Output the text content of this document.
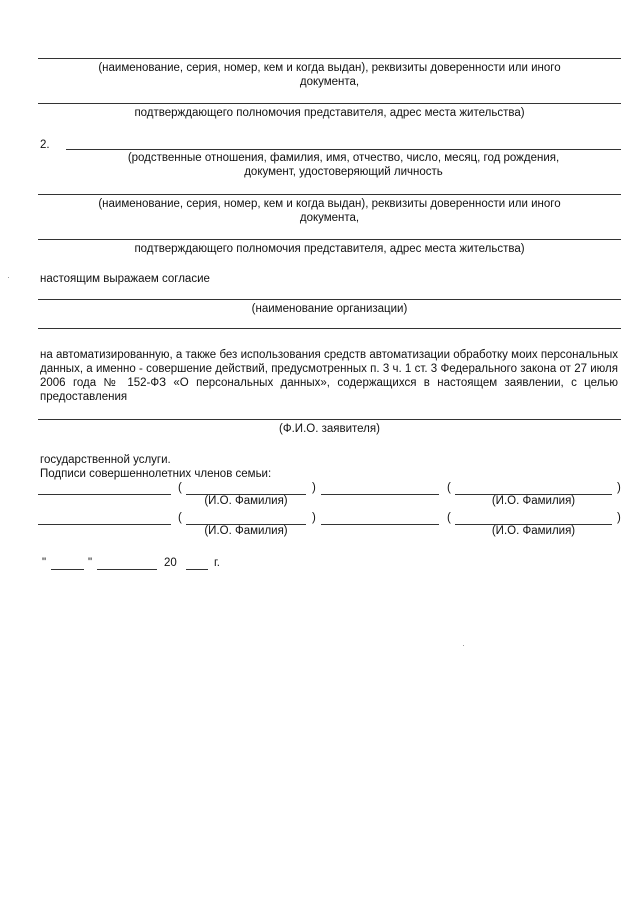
(наименование, серия, номер, кем и когда выдан), реквизиты доверенности или иного
документа,
подтверждающего полномочия представителя, адрес места жительства)
2.
(родственные отношения, фамилия, имя, отчество, число, месяц, год рождения,
документ, удостоверяющий личность
(наименование, серия, номер, кем и когда выдан), реквизиты доверенности или иного
документа,
подтверждающего полномочия представителя, адрес места жительства)
настоящим выражаем согласие
(наименование организации)
на автоматизированную, а также без использования средств автоматизации обработку моих персональных данных, а именно - совершение действий, предусмотренных п. 3 ч. 1 ст. 3 Федерального закона от 27 июля 2006 года № 152-ФЗ «О персональных данных», содержащихся в настоящем заявлении, с целью предоставления
(Ф.И.О. заявителя)
государственной услуги.
Подписи совершеннолетних членов семьи:
(	)
(И.О. Фамилия)
(	)
(И.О. Фамилия)
(	)
(И.О. Фамилия)
(	)
(И.О. Фамилия)
"	"	20	г.
